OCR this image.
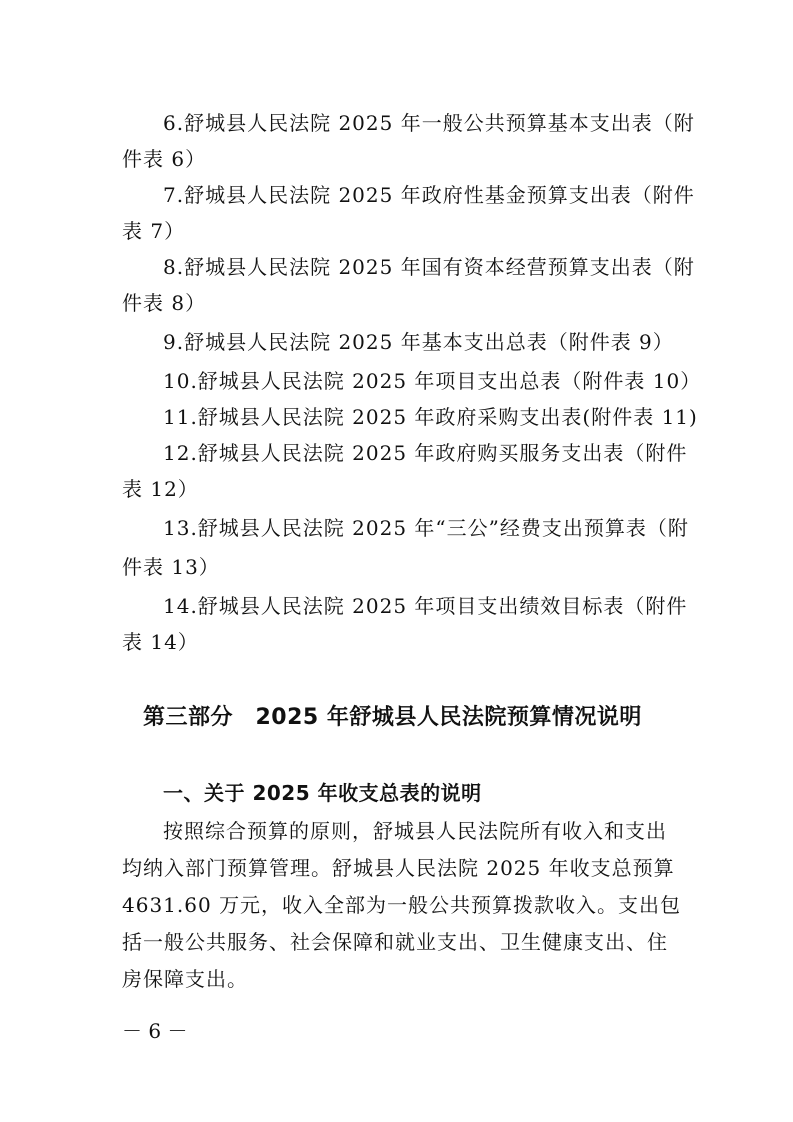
6.舒城县人民法院 2025 年一般公共预算基本支出表（附
件表 6）
7.舒城县人民法院 2025 年政府性基金预算支出表（附件
表 7）
8.舒城县人民法院 2025 年国有资本经营预算支出表（附
件表 8）
9.舒城县人民法院 2025 年基本支出总表（附件表 9）
10.舒城县人民法院 2025 年项目支出总表（附件表 10）
11.舒城县人民法院 2025 年政府采购支出表(附件表 11)
12.舒城县人民法院 2025 年政府购买服务支出表（附件
表 12）
13.舒城县人民法院 2025 年“三公”经费支出预算表（附
件表 13）
14.舒城县人民法院 2025 年项目支出绩效目标表（附件
表 14）
第三部分　2025 年舒城县人民法院预算情况说明
一、关于 2025 年收支总表的说明
按照综合预算的原则，舒城县人民法院所有收入和支出
均纳入部门预算管理。舒城县人民法院 2025 年收支总预算
4631.60 万元，收入全部为一般公共预算拨款收入。支出包
括一般公共服务、社会保障和就业支出、卫生健康支出、住
房保障支出。
－ 6 －
